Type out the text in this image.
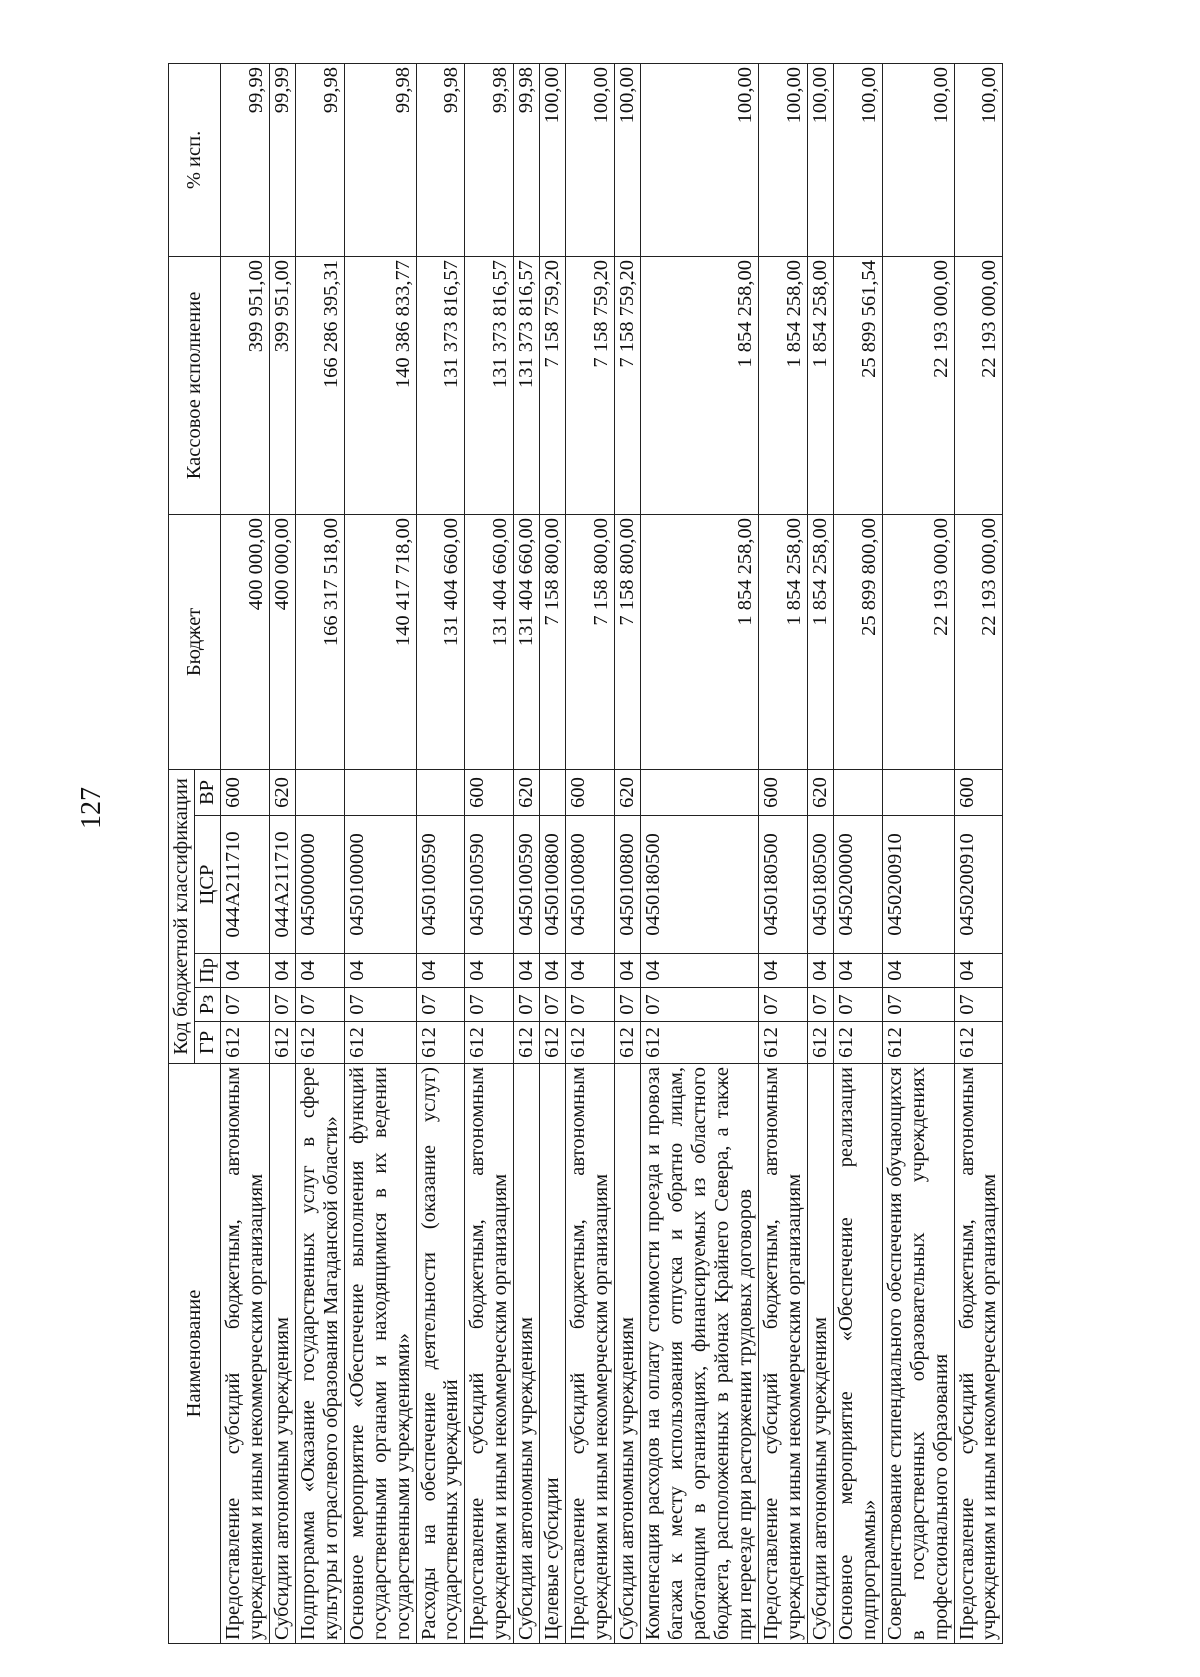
127
Наименование	Код бюджетной классификации					Бюджет	Кассовое исполнение	% исп.
	ГР	Рз	Пр	ЦСР	ВР			
Предоставление субсидий бюджетным, автономным учреждениям и иным некоммерческим организациям	612	07	04	044A211710	600	400 000,00	399 951,00	99,99
Субсидии автономным учреждениям	612	07	04	044A211710	620	400 000,00	399 951,00	99,99
Подпрограмма «Оказание государственных услуг в сфере культуры и отраслевого образования Магаданской области»	612	07	04	0450000000		166 317 518,00	166 286 395,31	99,98
Основное мероприятие «Обеспечение выполнения функций государственными органами и находящимися в их ведении государственными учреждениями»	612	07	04	0450100000		140 417 718,00	140 386 833,77	99,98
Расходы на обеспечение деятельности (оказание услуг) государственных учреждений	612	07	04	0450100590		131 404 660,00	131 373 816,57	99,98
Предоставление субсидий бюджетным, автономным учреждениям и иным некоммерческим организациям	612	07	04	0450100590	600	131 404 660,00	131 373 816,57	99,98
Субсидии автономным учреждениям	612	07	04	0450100590	620	131 404 660,00	131 373 816,57	99,98
Целевые субсидии	612	07	04	0450100800		7 158 800,00	7 158 759,20	100,00
Предоставление субсидий бюджетным, автономным учреждениям и иным некоммерческим организациям	612	07	04	0450100800	600	7 158 800,00	7 158 759,20	100,00
Субсидии автономным учреждениям	612	07	04	0450100800	620	7 158 800,00	7 158 759,20	100,00
Компенсация расходов на оплату стоимости проезда и провоза багажа к месту использования отпуска и обратно лицам, работающим в организациях, финансируемых из областного бюджета, расположенных в районах Крайнего Севера, а также при переезде при расторжении трудовых договоров	612	07	04	0450180500		1 854 258,00	1 854 258,00	100,00
Предоставление субсидий бюджетным, автономным учреждениям и иным некоммерческим организациям	612	07	04	0450180500	600	1 854 258,00	1 854 258,00	100,00
Субсидии автономным учреждениям	612	07	04	0450180500	620	1 854 258,00	1 854 258,00	100,00
Основное мероприятие «Обеспечение реализации подпрограммы»	612	07	04	0450200000		25 899 800,00	25 899 561,54	100,00
Совершенствование стипендиального обеспечения обучающихся в государственных образовательных учреждениях профессионального образования	612	07	04	0450200910		22 193 000,00	22 193 000,00	100,00
Предоставление субсидий бюджетным, автономным учреждениям и иным некоммерческим организациям	612	07	04	0450200910	600	22 193 000,00	22 193 000,00	100,00
